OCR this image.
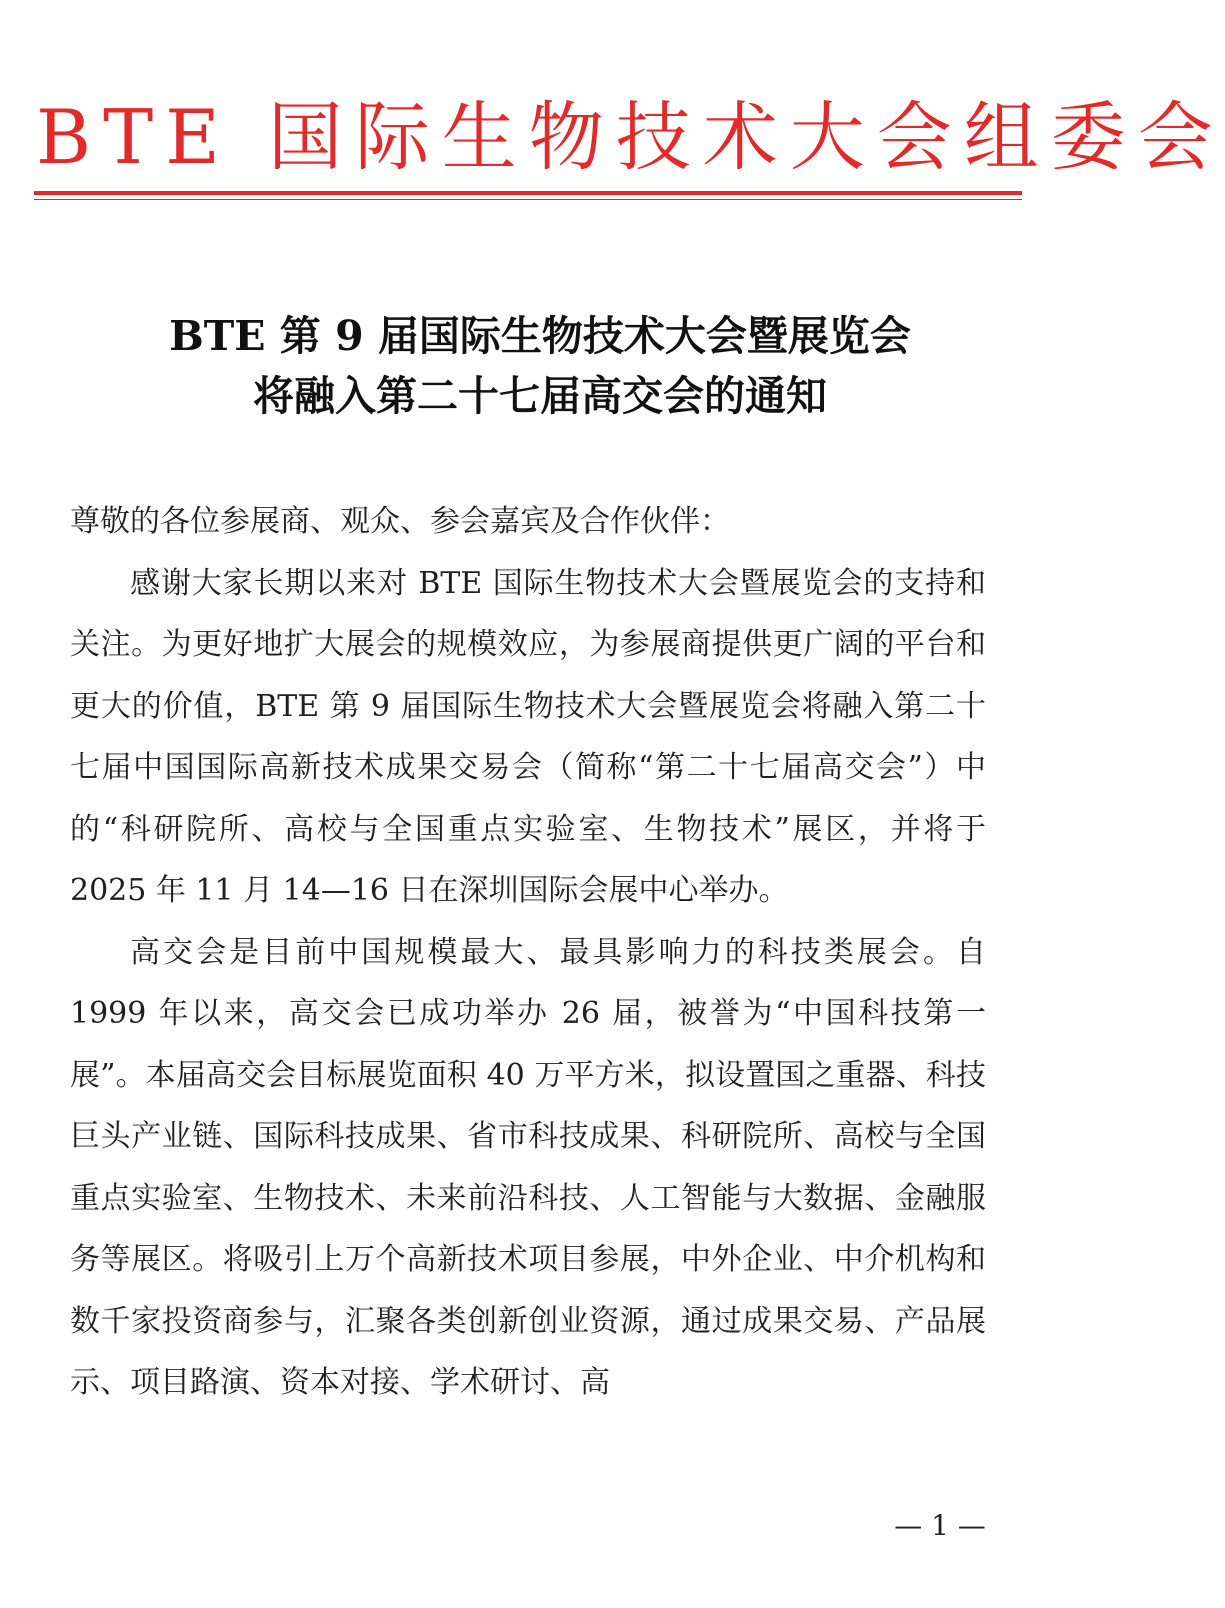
BTE 国际生物技术大会组委会
BTE 第 9 届国际生物技术大会暨展览会
将融入第二十七届高交会的通知

尊敬的各位参展商、观众、参会嘉宾及合作伙伴：

感谢大家长期以来对 BTE 国际生物技术大会暨展览会的支持和关注。为更好地扩大展会的规模效应，为参展商提供更广阔的平台和更大的价值，BTE 第 9 届国际生物技术大会暨展览会将融入第二十七届中国国际高新技术成果交易会（简称“第二十七届高交会”）中的“科研院所、高校与全国重点实验室、生物技术”展区，并将于 2025 年 11 月 14—16 日在深圳国际会展中心举办。

高交会是目前中国规模最大、最具影响力的科技类展会。自 1999 年以来，高交会已成功举办 26 届，被誉为“中国科技第一展”。本届高交会目标展览面积 40 万平方米，拟设置国之重器、科技巨头产业链、国际科技成果、省市科技成果、科研院所、高校与全国重点实验室、生物技术、未来前沿科技、人工智能与大数据、金融服务等展区。将吸引上万个高新技术项目参展，中外企业、中介机构和数千家投资商参与，汇聚各类创新创业资源，通过成果交易、产品展示、项目路演、资本对接、学术研讨、高

— 1 —
